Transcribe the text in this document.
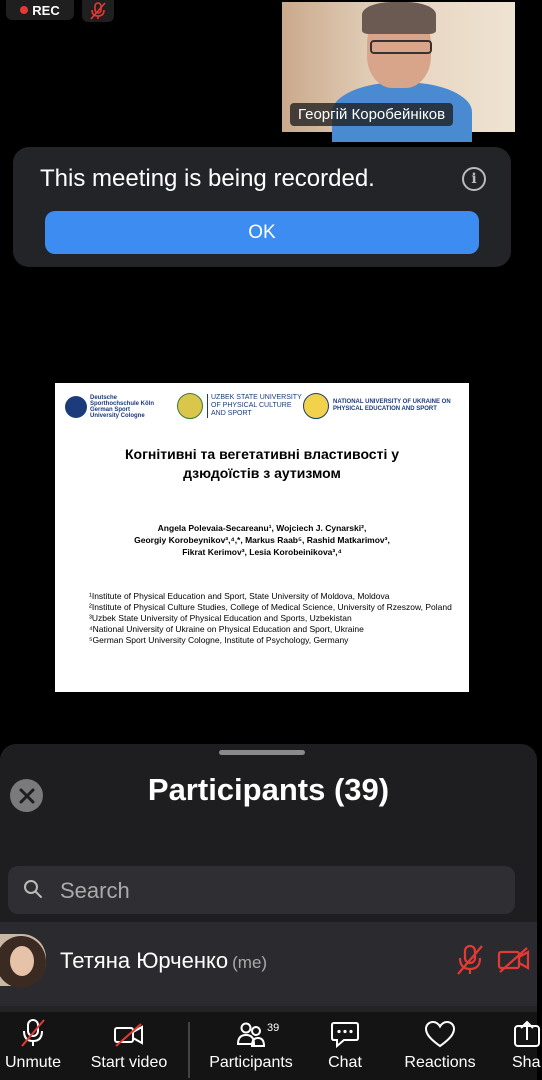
REC
Георгій Коробейніков
This meeting is being recorded.	i
OK
Deutsche Sporthochschule Köln German Sport University Cologne
UZBEK STATE UNIVERSITY OF PHYSICAL CULTURE AND SPORT
NATIONAL UNIVERSITY OF UKRAINE ON PHYSICAL EDUCATION AND SPORT
Когнітивні та вегетативні властивості у
дзюдоїстів з аутизмом
Angela Polevaia-Secareanu¹, Wojciech J. Cynarski²,
Georgiy Korobeynikov³,⁴,*, Markus Raab⁵, Rashid Matkarimov³,
Fikrat Kerimov³, Lesia Korobeinikova³,⁴
¹Institute of Physical Education and Sport, State University of Moldova, Moldova
²Institute of Physical Culture Studies, College of Medical Science, University of Rzeszow, Poland
³Uzbek State University of Physical Education and Sports, Uzbekistan
⁴National University of Ukraine on Physical Education and Sport, Ukraine
⁵German Sport University Cologne, Institute of Psychology, Germany
Participants (39)
Search
Тетяна Юрченко (me)
Unmute Start video	Participants
39
Chat	Reactions Sha
